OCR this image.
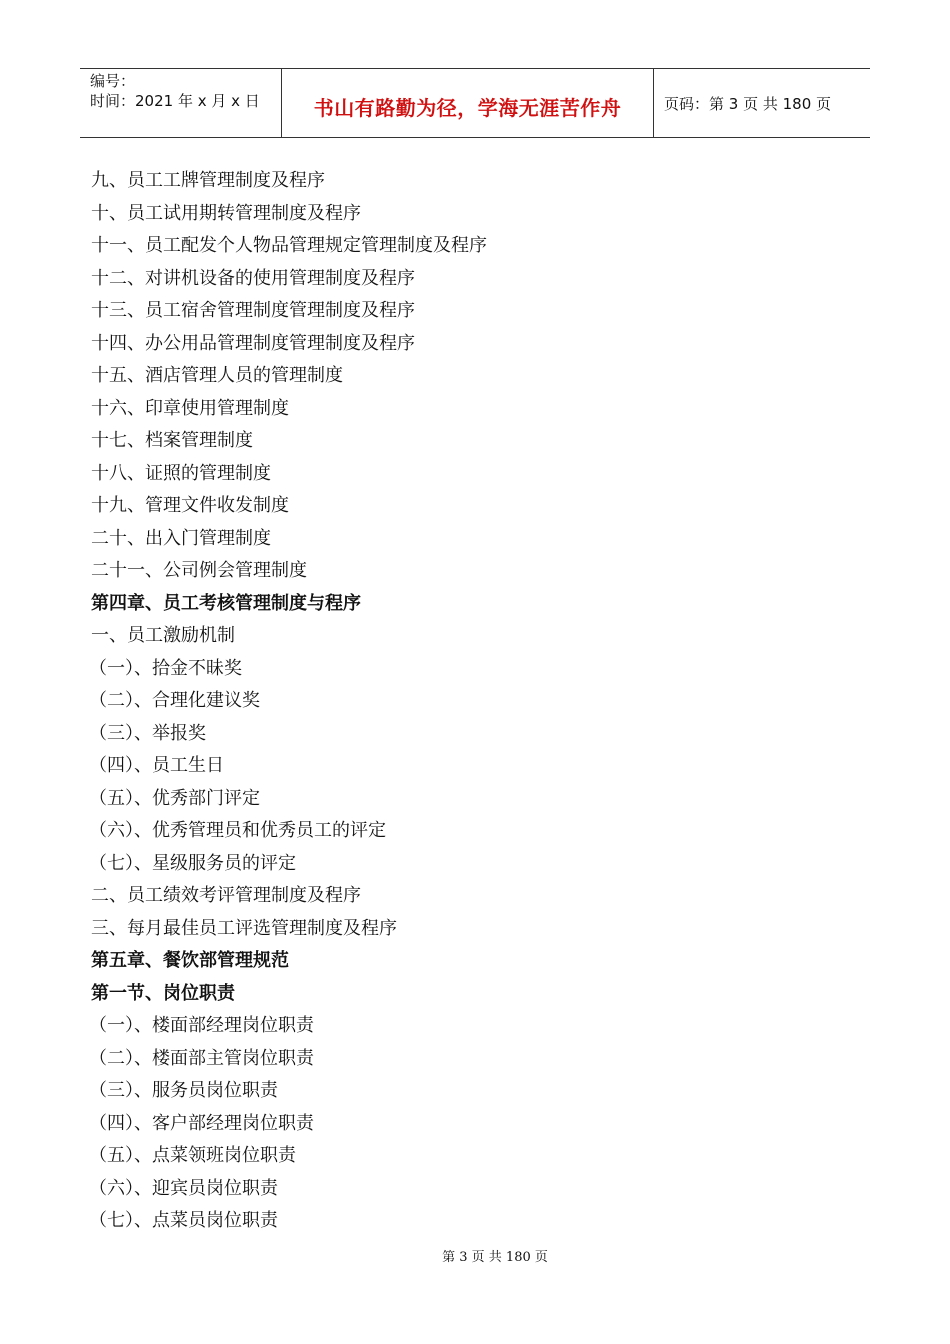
编号：
时间：2021 年 x 月 x 日	书山有路勤为径，学海无涯苦作舟	页码：第 3 页 共 180 页
九、员工工牌管理制度及程序
十、员工试用期转管理制度及程序
十一、员工配发个人物品管理规定管理制度及程序
十二、对讲机设备的使用管理制度及程序
十三、员工宿舍管理制度管理制度及程序
十四、办公用品管理制度管理制度及程序
十五、酒店管理人员的管理制度
十六、印章使用管理制度
十七、档案管理制度
十八、证照的管理制度
十九、管理文件收发制度
二十、出入门管理制度
二十一、公司例会管理制度
第四章、员工考核管理制度与程序
一、员工激励机制
（一）、拾金不昧奖
（二）、合理化建议奖
（三）、举报奖
（四）、员工生日
（五）、优秀部门评定
（六）、优秀管理员和优秀员工的评定
（七）、星级服务员的评定
二、员工绩效考评管理制度及程序
三、每月最佳员工评选管理制度及程序
第五章、餐饮部管理规范
第一节、岗位职责
（一）、楼面部经理岗位职责
（二）、楼面部主管岗位职责
（三）、服务员岗位职责
（四）、客户部经理岗位职责
（五）、点菜领班岗位职责
（六）、迎宾员岗位职责
（七）、点菜员岗位职责
第 3 页 共 180 页
